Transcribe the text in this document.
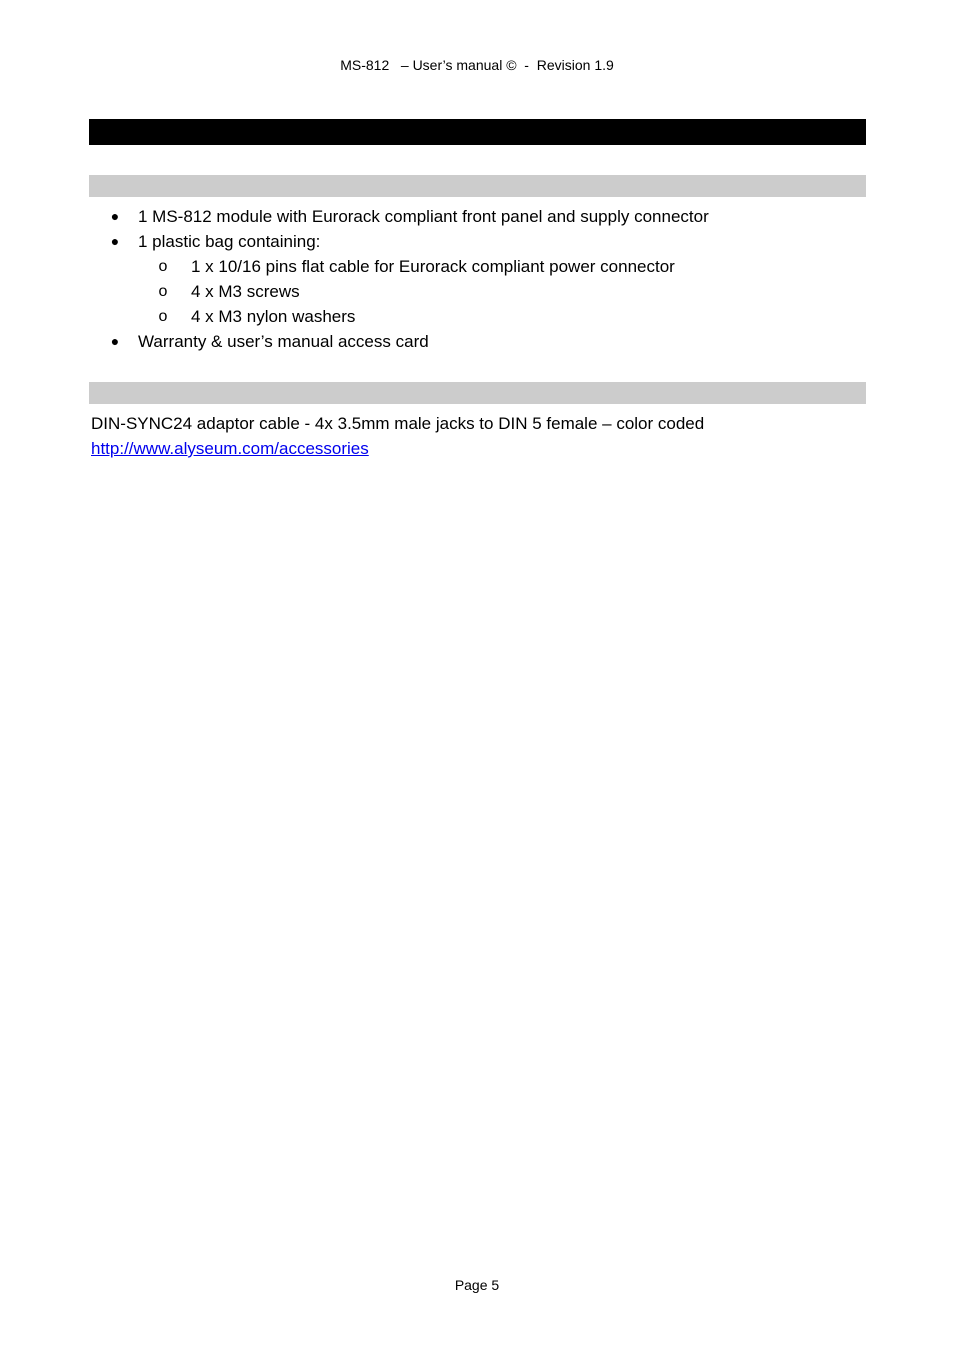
MS-812   – User’s manual ©  -  Revision 1.9
● 1 MS-812 module with Eurorack compliant front panel and supply connector
● 1 plastic bag containing:
o 1 x 10/16 pins flat cable for Eurorack compliant power connector
o 4 x M3 screws
o 4 x M3 nylon washers
● Warranty & user’s manual access card
DIN-SYNC24 adaptor cable - 4x 3.5mm male jacks to DIN 5 female – color coded
http://www.alyseum.com/accessories
Page 5
